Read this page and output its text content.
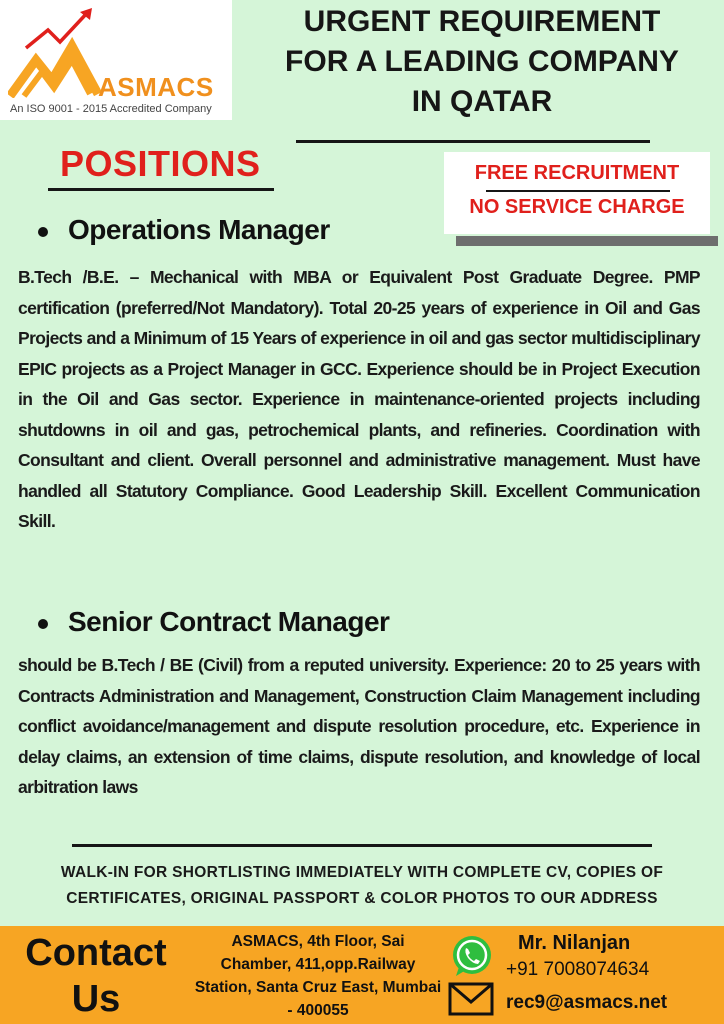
ASMACS
An ISO 9001 - 2015 Accredited Company
URGENT REQUIREMENT
FOR A LEADING COMPANY
IN QATAR
POSITIONS	FREE RECRUITMENT
NO SERVICE CHARGE
Operations Manager
B.Tech /B.E. – Mechanical with MBA or Equivalent Post Graduate Degree. PMP certification (preferred/Not Mandatory). Total 20-25 years of experience in Oil and Gas Projects and a Minimum of 15 Years of experience in oil and gas sector multidisciplinary EPIC projects as a Project Manager in GCC. Experience should be in Project Execution in the Oil and Gas sector. Experience in maintenance-oriented projects including shutdowns in oil and gas, petrochemical plants, and refineries. Coordination with Consultant and client. Overall personnel and administrative management. Must have handled all Statutory Compliance. Good Leadership Skill. Excellent Communication Skill.
Senior Contract Manager
should be B.Tech / BE (Civil) from a reputed university. Experience: 20 to 25 years with Contracts Administration and Management, Construction Claim Management including conflict avoidance/management and dispute resolution procedure, etc. Experience in delay claims, an extension of time claims, dispute resolution, and knowledge of local arbitration laws
WALK-IN FOR SHORTLISTING IMMEDIATELY WITH COMPLETE CV, COPIES OF CERTIFICATES, ORIGINAL PASSPORT & COLOR PHOTOS TO OUR ADDRESS
Contact
Us
ASMACS, 4th Floor, Sai Chamber, 411,opp.Railway Station, Santa Cruz East, Mumbai - 400055
Mr. Nilanjan
+91 7008074634
rec9@asmacs.net
